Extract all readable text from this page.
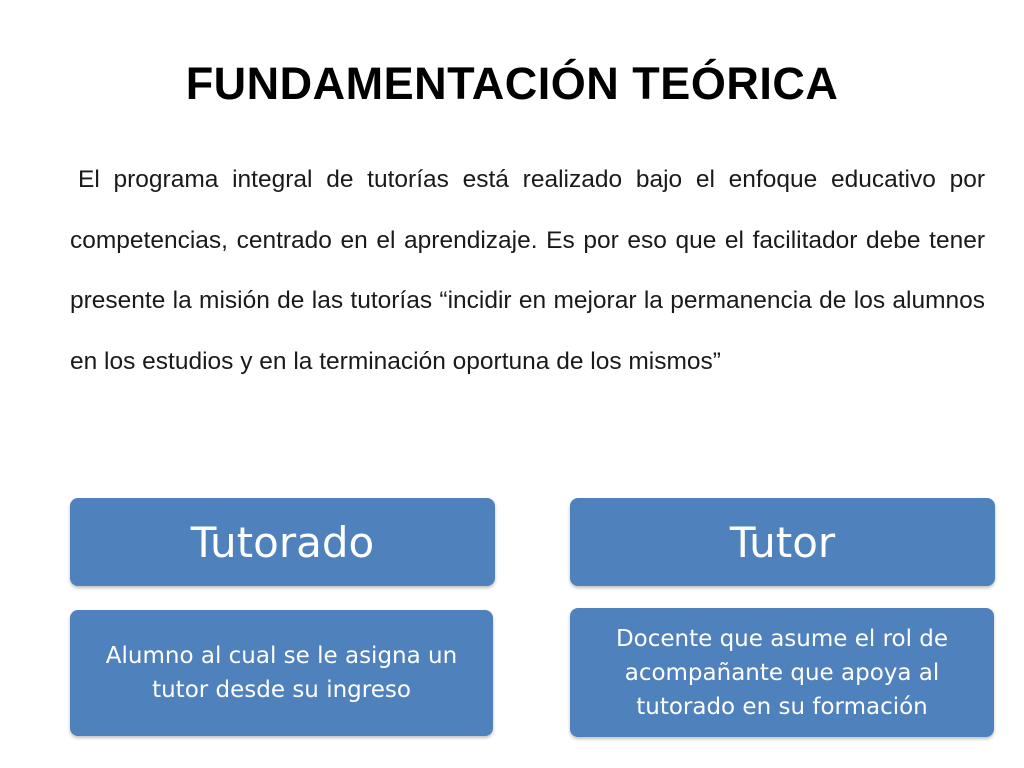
FUNDAMENTACIÓN TEÓRICA

El programa integral de tutorías está realizado bajo el enfoque educativo por competencias, centrado en el aprendizaje. Es por eso que el facilitador debe tener presente la misión de las tutorías “incidir en mejorar la permanencia de los alumnos en los estudios y en la terminación oportuna de los mismos”

Tutorado	Tutor
Alumno al cual se le asigna un tutor desde su ingreso
Docente que asume el rol de acompañante que apoya al tutorado en su formación
